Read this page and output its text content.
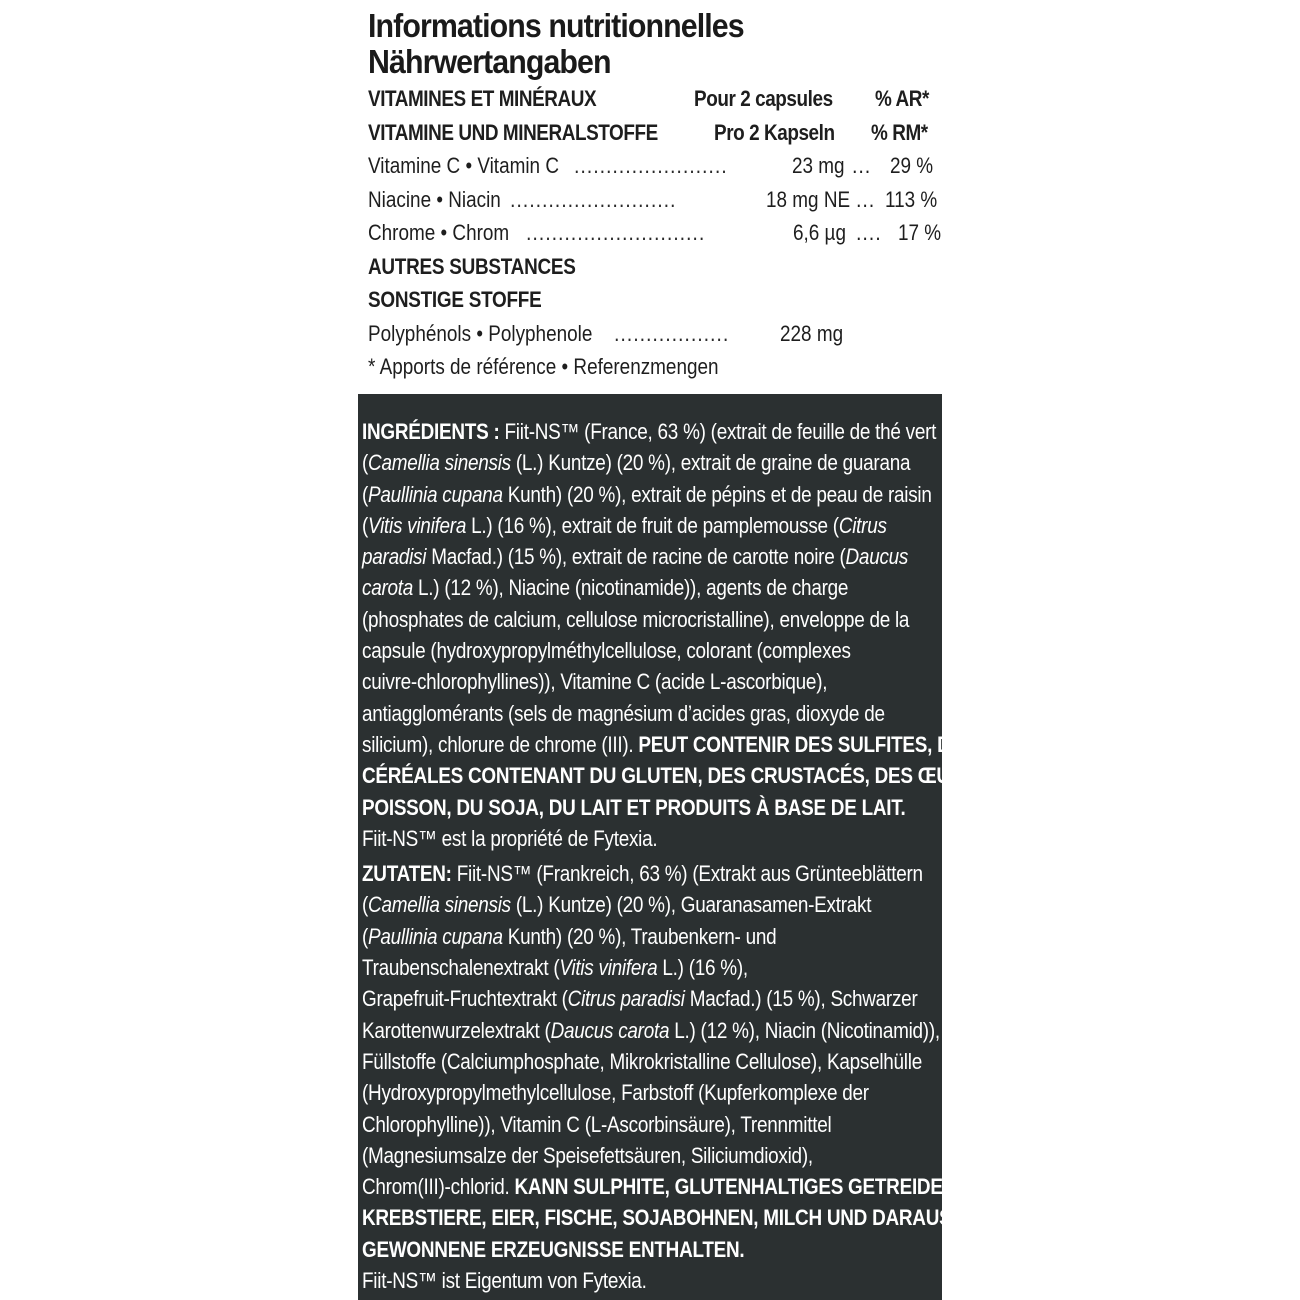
Informations nutritionnelles
Nährwertangaben
VITAMINES ET MINÉRAUX	Pour 2 capsules % AR*
VITAMINE UND MINERALSTOFFE	Pro 2 Kapseln % RM*
Vitamine C • Vitamin C ........................	23 mg ... 29 %
Niacine • Niacin ..........................	18 mg NE ... 113 %
Chrome • Chrom ............................	6,6 µg .... 17 %
AUTRES SUBSTANCES
SONSTIGE STOFFE
Polyphénols • Polyphenole .................. 228 mg
* Apports de référence • Referenzmengen

INGRÉDIENTS : Fiit-NS™ (France, 63 %) (extrait de feuille de thé vert

(Camellia sinensis (L.) Kuntze) (20 %), extrait de graine de guarana

(Paullinia cupana Kunth) (20 %), extrait de pépins et de peau de raisin

(Vitis vinifera L.) (16 %), extrait de fruit de pamplemousse (Citrus

paradisi Macfad.) (15 %), extrait de racine de carotte noire (Daucus

carota L.) (12 %), Niacine (nicotinamide)), agents de charge

(phosphates de calcium, cellulose microcristalline), enveloppe de la

capsule (hydroxypropylméthylcellulose, colorant (complexes

cuivre-chlorophyllines)), Vitamine C (acide L-ascorbique),

antiagglomérants (sels de magnésium d’acides gras, dioxyde de

silicium), chlorure de chrome (III). PEUT CONTENIR DES SULFITES, DES

CÉRÉALES CONTENANT DU GLUTEN, DES CRUSTACÉS, DES ŒUFS, DU

POISSON, DU SOJA, DU LAIT ET PRODUITS À BASE DE LAIT.

Fiit-NS™ est la propriété de Fytexia.

ZUTATEN: Fiit-NS™ (Frankreich, 63 %) (Extrakt aus Grünteeblättern

(Camellia sinensis (L.) Kuntze) (20 %), Guaranasamen-Extrakt

(Paullinia cupana Kunth) (20 %), Traubenkern- und

Traubenschalenextrakt (Vitis vinifera L.) (16 %),

Grapefruit-Fruchtextrakt (Citrus paradisi Macfad.) (15 %), Schwarzer

Karottenwurzelextrakt (Daucus carota L.) (12 %), Niacin (Nicotinamid)),

Füllstoffe (Calciumphosphate, Mikrokristalline Cellulose), Kapselhülle

(Hydroxypropylmethylcellulose, Farbstoff (Kupferkomplexe der

Chlorophylline)), Vitamin C (L-Ascorbinsäure), Trennmittel

(Magnesiumsalze der Speisefettsäuren, Siliciumdioxid),

Chrom(III)-chlorid. KANN SULPHITE, GLUTENHALTIGES GETREIDE,

KREBSTIERE, EIER, FISCHE, SOJABOHNEN, MILCH UND DARAUS

GEWONNENE ERZEUGNISSE ENTHALTEN.

Fiit-NS™ ist Eigentum von Fytexia.
